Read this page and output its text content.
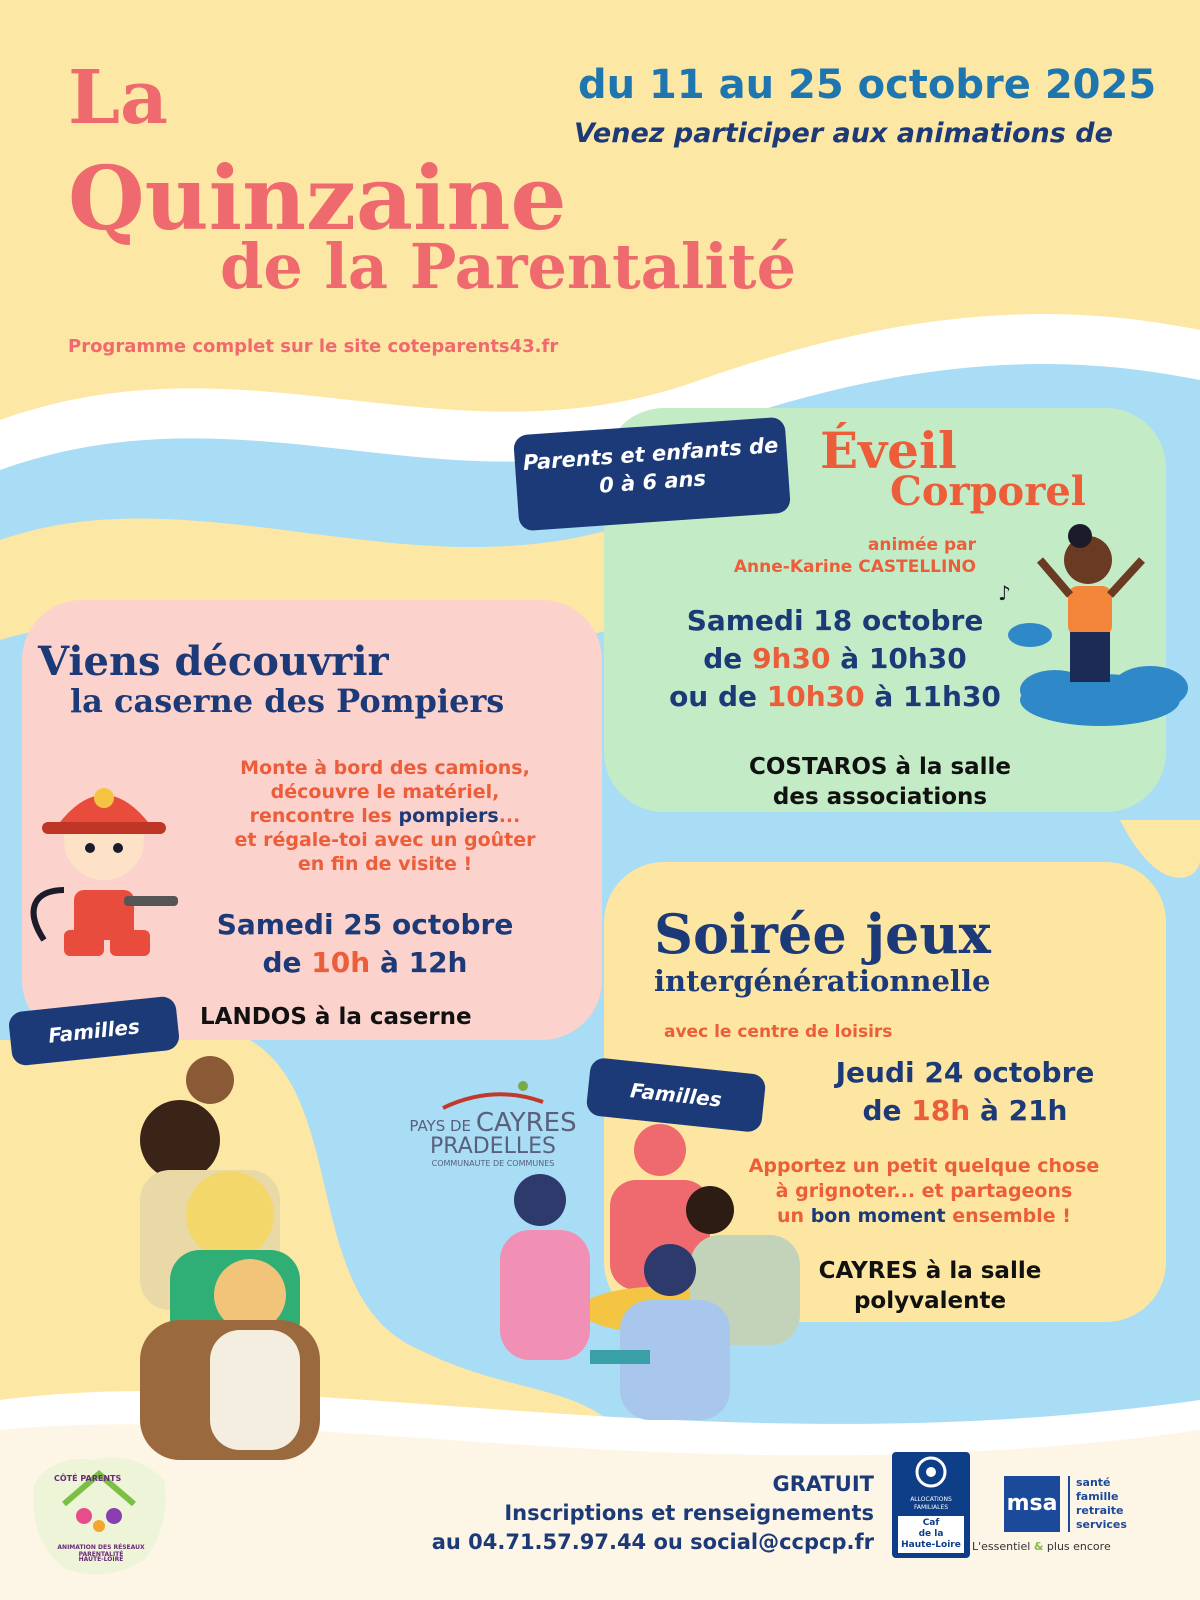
La
Quinzaine
de la Parentalité
du 11 au 25 octobre 2025
Venez participer aux animations de
Programme complet sur le site coteparents43.fr
Parents et enfants de 0 à 6 ans
Éveil
Corporel
animée par
Anne-Karine CASTELLINO
Samedi 18 octobre
de 9h30 à 10h30
ou de 10h30 à 11h30
COSTAROS à la salle
des associations
♪
Viens découvrir
la caserne des Pompiers
Monte à bord des camions,
découvre le matériel,
rencontre les pompiers...
et régale-toi avec un goûter
en fin de visite !
Samedi 25 octobre
de 10h à 12h
Familles	LANDOS à la caserne
Soirée jeux
intergénérationnelle
avec le centre de loisirs
Familles
Jeudi 24 octobre
de 18h à 21h
Apportez un petit quelque chose
à grignoter... et partageons
un bon moment ensemble !
CAYRES à la salle
polyvalente
PAYS DE CAYRES
PRADELLES
COMMUNAUTE DE COMMUNES
CÔTÉ PARENTS
ANIMATION DES RÉSEAUX PARENTALITÉ
HAUTE-LOIRE
GRATUIT
Inscriptions et renseignements
au 04.71.57.97.44 ou social@ccpcp.fr
ALLOCATIONS
FAMILIALES
Caf
de la
Haute-Loire
msa
santé
famille
retraite
services
L'essentiel & plus encore
